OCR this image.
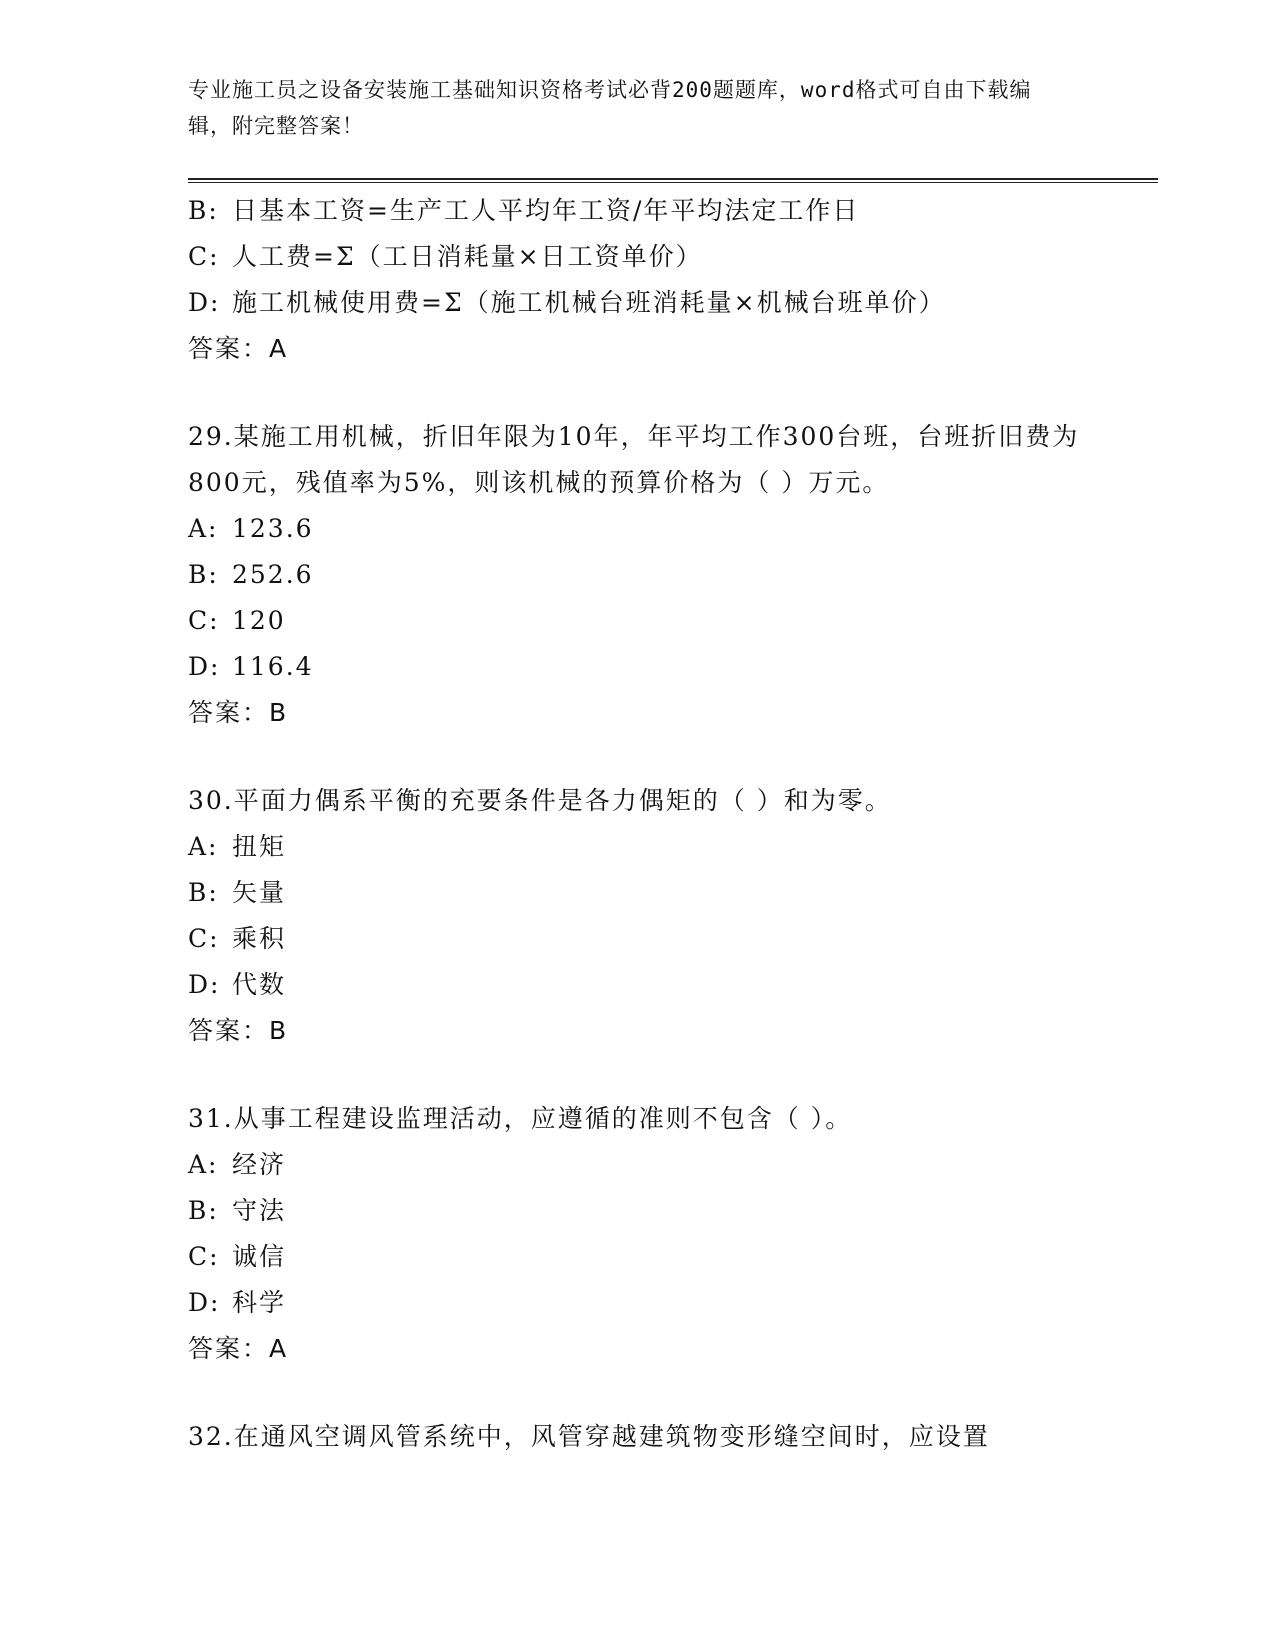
专业施工员之设备安装施工基础知识资格考试必背200题题库，word格式可自由下载编辑，附完整答案！
B: 日基本工资=生产工人平均年工资/年平均法定工作日
C: 人工费=Σ（工日消耗量×日工资单价）
D: 施工机械使用费=Σ（施工机械台班消耗量×机械台班单价）
答案：A
29.某施工用机械，折旧年限为10年，年平均工作300台班，台班折旧费为800元，残值率为5%，则该机械的预算价格为（ ）万元。
A: 123.6
B: 252.6
C: 120
D: 116.4
答案：B
30.平面力偶系平衡的充要条件是各力偶矩的（ ）和为零。
A: 扭矩
B: 矢量
C: 乘积
D: 代数
答案：B
31.从事工程建设监理活动，应遵循的准则不包含（ ）。
A: 经济
B: 守法
C: 诚信
D: 科学
答案：A
32.在通风空调风管系统中，风管穿越建筑物变形缝空间时，应设置
